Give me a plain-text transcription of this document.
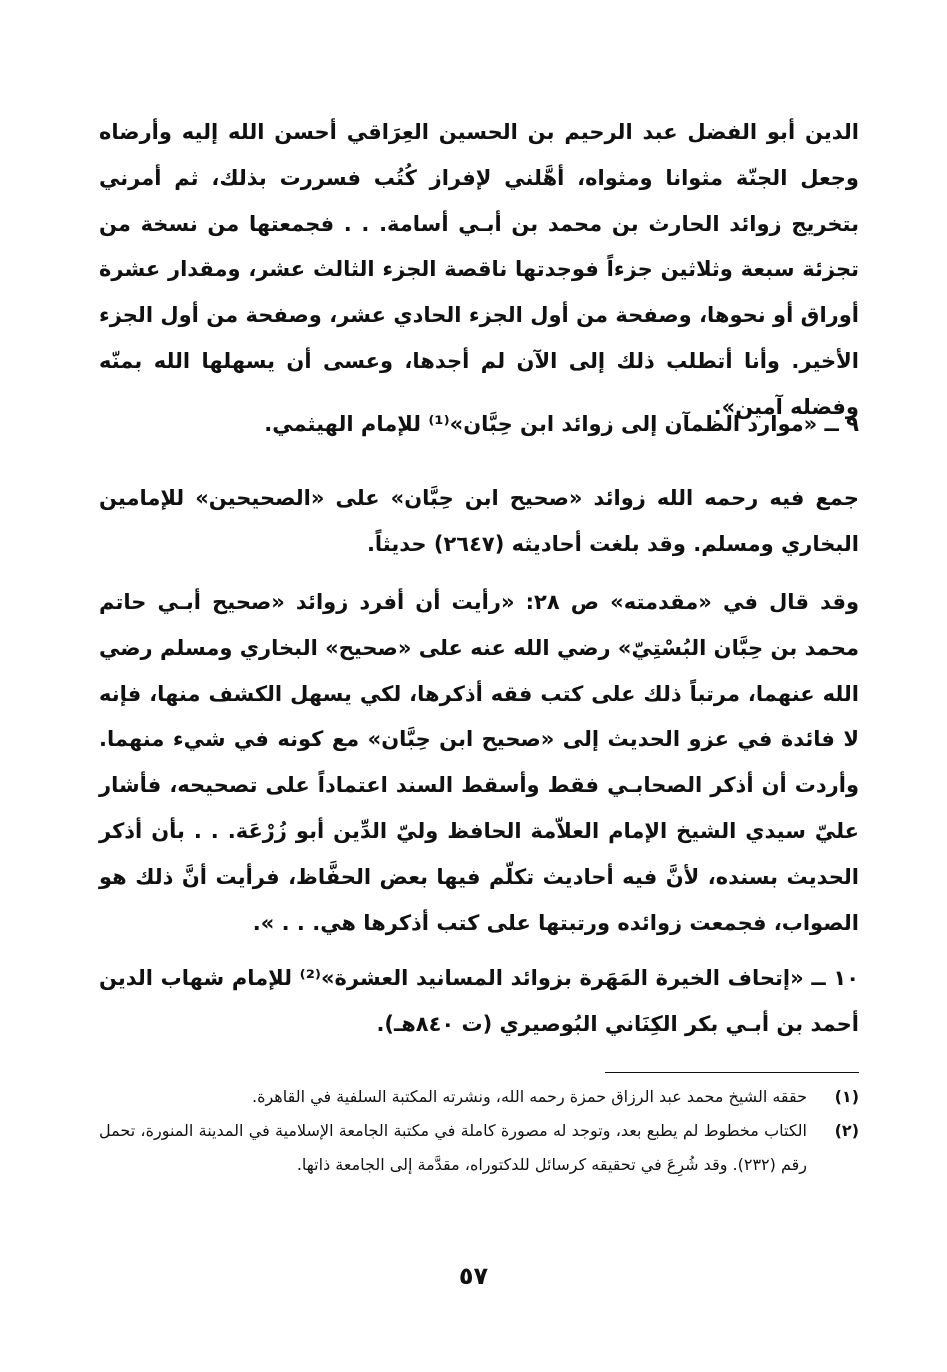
الدين أبو الفضل عبد الرحيم بن الحسين العِرَاقي أحسن الله إليه وأرضاه وجعل الجنّة مثوانا ومثواه، أهَّلني لإفراز كُتُب فسررت بذلك، ثم أمرني بتخريج زوائد الحارث بن محمد بن أبـي أسامة. . . فجمعتها من نسخة من تجزئة سبعة وثلاثين جزءاً فوجدتها ناقصة الجزء الثالث عشر، ومقدار عشرة أوراق أو نحوها، وصفحة من أول الجزء الحادي عشر، وصفحة من أول الجزء الأخير. وأنا أتطلب ذلك إلى الآن لم أجدها، وعسى أن يسهلها الله بمنّه وفضله آمين».

٩ ــ «موارد الظمآن إلى زوائد ابن حِبَّان»⁽¹⁾ للإمام الهيثمي.

جمع فيه رحمه الله زوائد «صحيح ابن حِبَّان» على «الصحيحين» للإمامين البخاري ومسلم. وقد بلغت أحاديثه (٢٦٤٧) حديثاً.

وقد قال في «مقدمته» ص ٢٨: «رأيت أن أفرد زوائد «صحيح أبـي حاتم محمد بن حِبَّان البُسْتِيّ» رضي الله عنه على «صحيح» البخاري ومسلم رضي الله عنهما، مرتباً ذلك على كتب فقه أذكرها، لكي يسهل الكشف منها، فإنه لا فائدة في عزو الحديث إلى «صحيح ابن حِبَّان» مع كونه في شيء منهما. وأردت أن أذكر الصحابـي فقط وأسقط السند اعتماداً على تصحيحه، فأشار عليّ سيدي الشيخ الإمام العلاّمة الحافظ وليّ الدِّين أبو زُرْعَة. . . بأن أذكر الحديث بسنده، لأنَّ فيه أحاديث تكلّم فيها بعض الحفَّاظ، فرأيت أنَّ ذلك هو الصواب، فجمعت زوائده ورتبتها على كتب أذكرها هي. . . ».

١٠ ــ «إتحاف الخيرة المَهَرة بزوائد المسانيد العشرة»⁽²⁾ للإمام شهاب الدين أحمد بن أبـي بكر الكِنَاني البُوصيري (ت ٨٤٠هـ).

(١)
حققه الشيخ محمد عبد الرزاق حمزة رحمه الله، ونشرته المكتبة السلفية في القاهرة.
(٢)
الكتاب مخطوط لم يطبع بعد، وتوجد له مصورة كاملة في مكتبة الجامعة الإسلامية في المدينة المنورة، تحمل رقم (٢٣٢). وقد شُرِعَ في تحقيقه كرسائل للدكتوراه، مقدَّمة إلى الجامعة ذاتها.
٥٧
